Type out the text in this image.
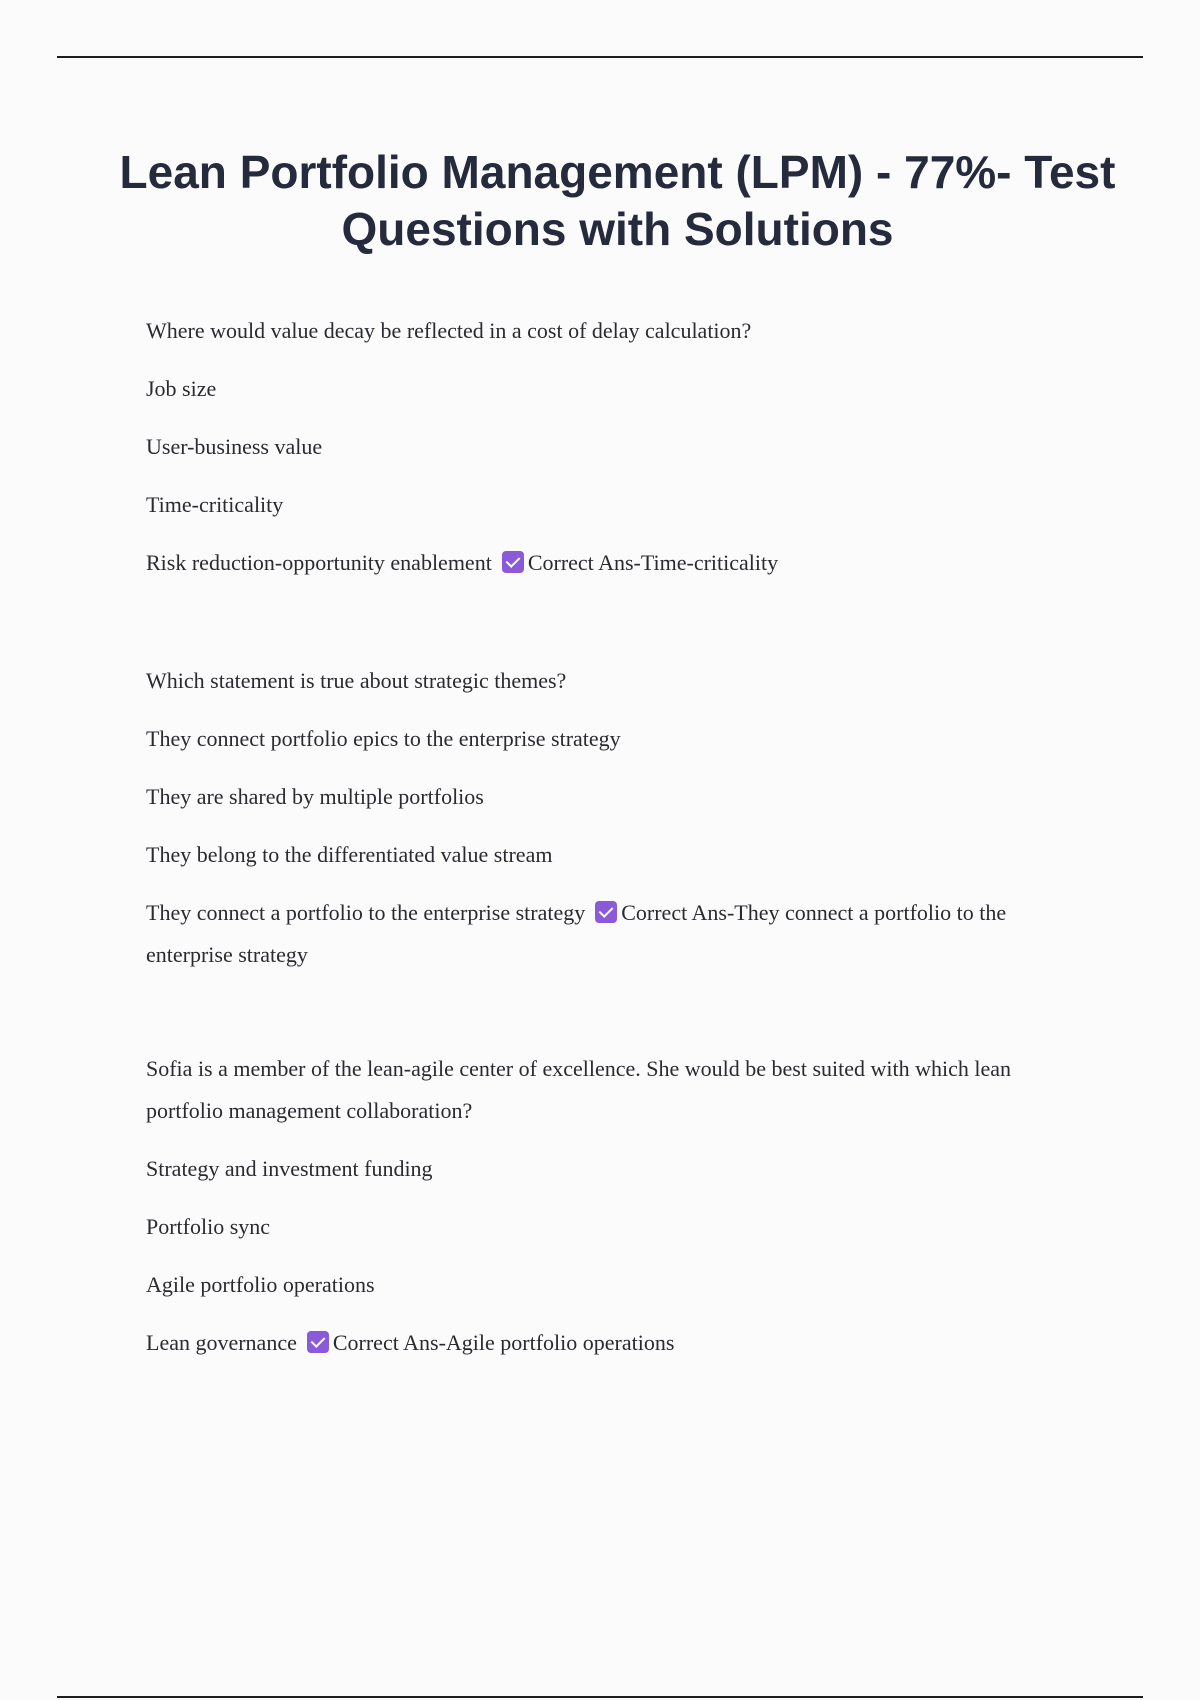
Lean Portfolio Management (LPM) - 77%- Test Questions with Solutions

Where would value decay be reflected in a cost of delay calculation?

Job size

User-business value

Time-criticality

Risk reduction-opportunity enablement Correct Ans-Time-criticality

Which statement is true about strategic themes?

They connect portfolio epics to the enterprise strategy

They are shared by multiple portfolios

They belong to the differentiated value stream

They connect a portfolio to the enterprise strategy Correct Ans-They connect a portfolio to the enterprise strategy

Sofia is a member of the lean-agile center of excellence. She would be best suited with which lean portfolio management collaboration?

Strategy and investment funding

Portfolio sync

Agile portfolio operations

Lean governance Correct Ans-Agile portfolio operations
